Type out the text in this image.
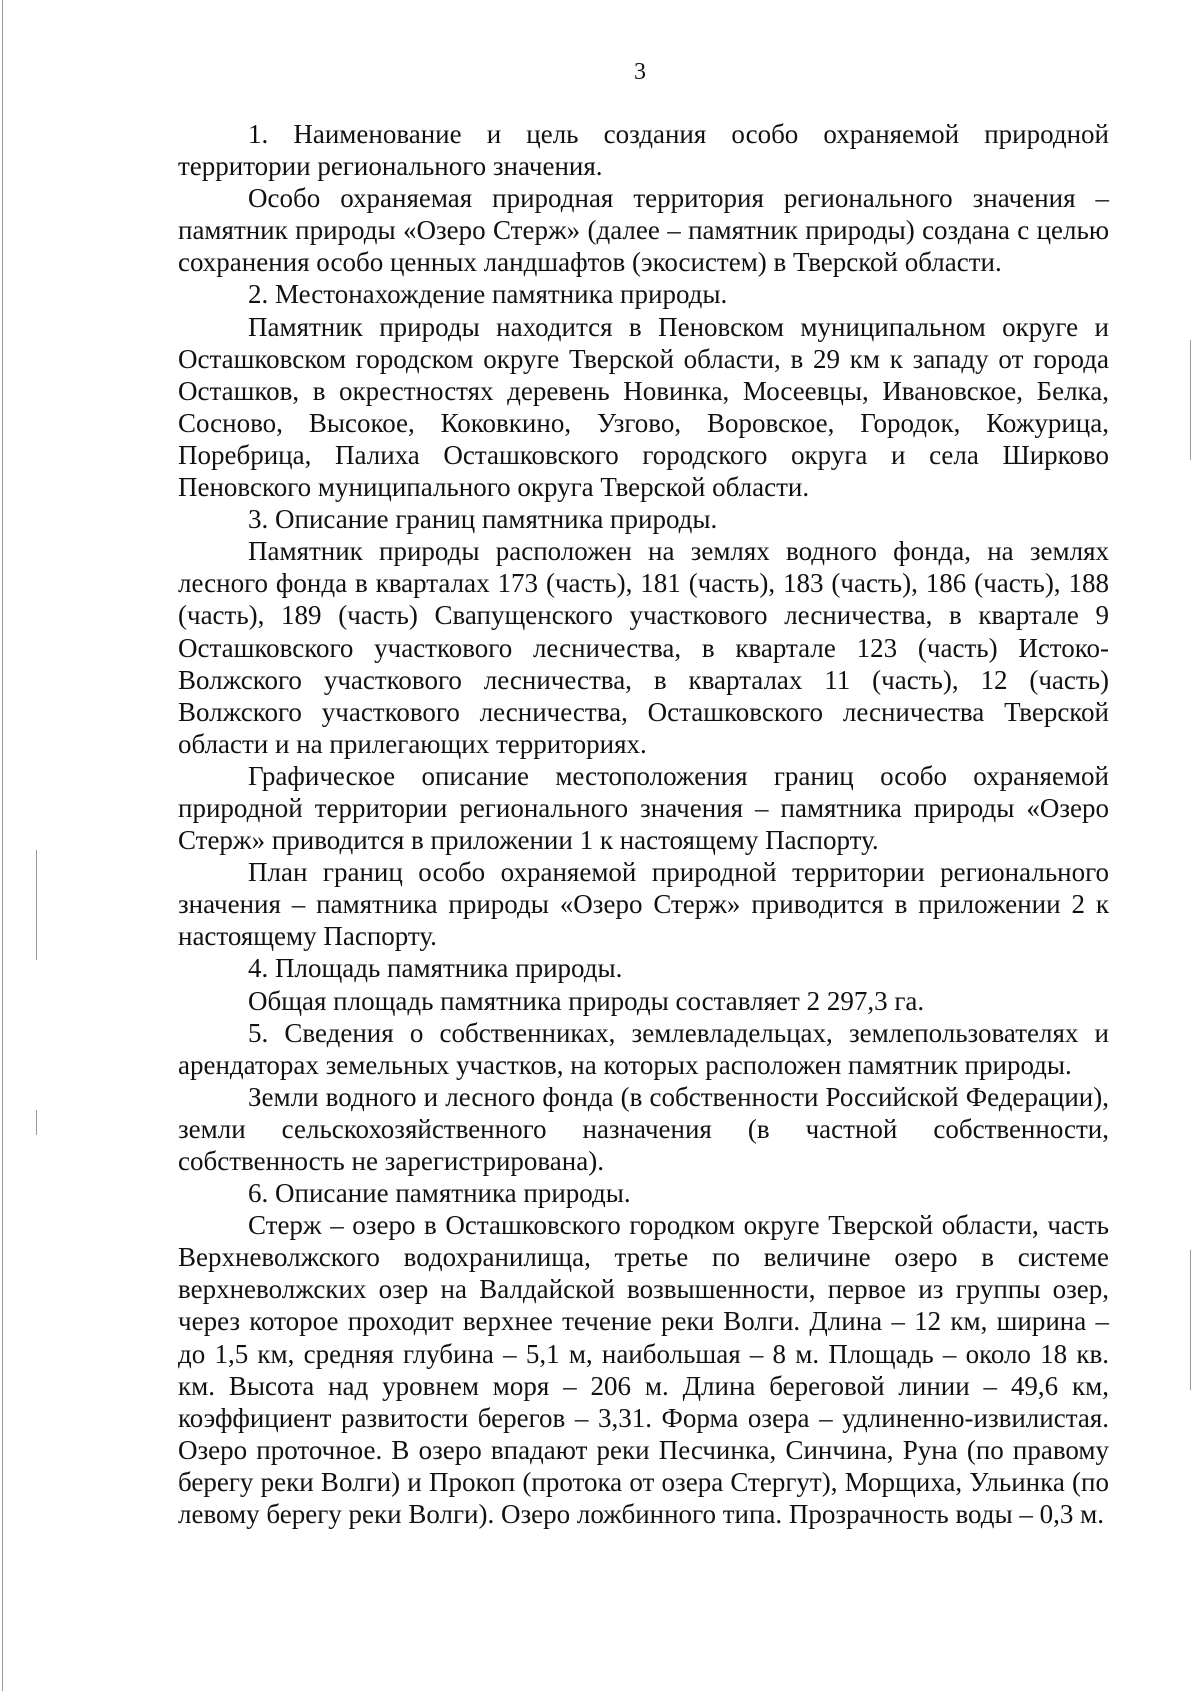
3

1. Наименование и цель создания особо охраняемой природной территории регионального значения.

Особо охраняемая природная территория регионального значения – памятник природы «Озеро Стерж» (далее – памятник природы) создана с целью сохранения особо ценных ландшафтов (экосистем) в Тверской области.

2. Местонахождение памятника природы.

Памятник природы находится в Пеновском муниципальном округе и Осташковском городском округе Тверской области, в 29 км к западу от города Осташков, в окрестностях деревень Новинка, Мосеевцы, Ивановское, Белка, Сосново, Высокое, Коковкино, Узгово, Воровское, Городок, Кожурица, Поребрица, Палиха Осташковского городского округа и села Ширково Пеновского муниципального округа Тверской области.

3. Описание границ памятника природы.

Памятник природы расположен на землях водного фонда, на землях лесного фонда в кварталах 173 (часть), 181 (часть), 183 (часть), 186 (часть), 188 (часть), 189 (часть) Свапущенского участкового лесничества, в квартале 9 Осташковского участкового лесничества, в квартале 123 (часть) Истоко-Волжского участкового лесничества, в кварталах 11 (часть), 12 (часть) Волжского участкового лесничества, Осташковского лесничества Тверской области и на прилегающих территориях.

Графическое описание местоположения границ особо охраняемой природной территории регионального значения – памятника природы «Озеро Стерж» приводится в приложении 1 к настоящему Паспорту.

План границ особо охраняемой природной территории регионального значения – памятника природы «Озеро Стерж» приводится в приложении 2 к настоящему Паспорту.

4. Площадь памятника природы.

Общая площадь памятника природы составляет 2 297,3 га.

5. Сведения о собственниках, землевладельцах, землепользователях и арендаторах земельных участков, на которых расположен памятник природы.

Земли водного и лесного фонда (в собственности Российской Федерации), земли сельскохозяйственного назначения (в частной собственности, собственность не зарегистрирована).

6. Описание памятника природы.

Стерж – озеро в Осташковского городком округе Тверской области, часть Верхневолжского водохранилища, третье по величине озеро в системе верхневолжских озер на Валдайской возвышенности, первое из группы озер, через которое проходит верхнее течение реки Волги. Длина – 12 км, ширина – до 1,5 км, средняя глубина – 5,1 м, наибольшая – 8 м. Площадь – около 18 кв. км. Высота над уровнем моря – 206 м. Длина береговой линии – 49,6 км, коэффициент развитости берегов – 3,31. Форма озера – удлиненно-извилистая. Озеро проточное. В озеро впадают реки Песчинка, Синчина, Руна (по правому берегу реки Волги) и Прокоп (протока от озера Стергут), Морщиха, Ульинка (по левому берегу реки Волги). Озеро ложбинного типа. Прозрачность воды – 0,3 м.
